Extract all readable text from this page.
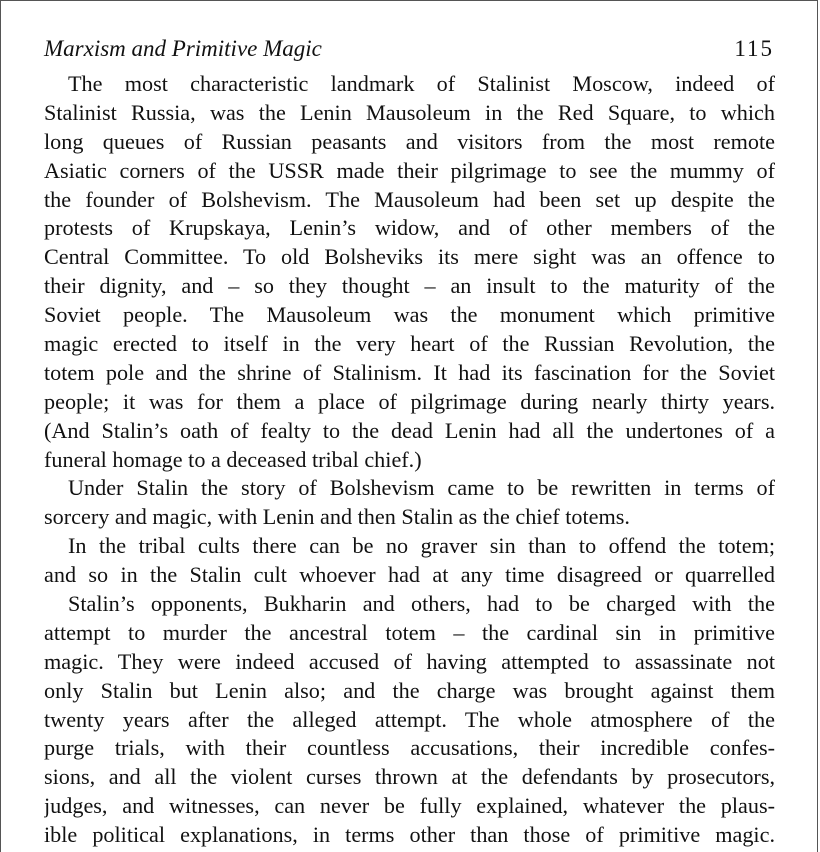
Marxism and Primitive Magic	115
The most characteristic landmark of Stalinist Moscow, indeed of
Stalinist Russia, was the Lenin Mausoleum in the Red Square, to which
long queues of Russian peasants and visitors from the most remote
Asiatic corners of the USSR made their pilgrimage to see the mummy of
the founder of Bolshevism. The Mausoleum had been set up despite the
protests of Krupskaya, Lenin’s widow, and of other members of the
Central Committee. To old Bolsheviks its mere sight was an offence to
their dignity, and – so they thought – an insult to the maturity of the
Soviet people. The Mausoleum was the monument which primitive
magic erected to itself in the very heart of the Russian Revolution, the
totem pole and the shrine of Stalinism. It had its fascination for the Soviet
people; it was for them a place of pilgrimage during nearly thirty years.
(And Stalin’s oath of fealty to the dead Lenin had all the undertones of a
funeral homage to a deceased tribal chief.)
Under Stalin the story of Bolshevism came to be rewritten in terms of
sorcery and magic, with Lenin and then Stalin as the chief totems.
In the tribal cults there can be no graver sin than to offend the totem;
and so in the Stalin cult whoever had at any time disagreed or quarrelled
Stalin’s opponents, Bukharin and others, had to be charged with the
attempt to murder the ancestral totem – the cardinal sin in primitive
magic. They were indeed accused of having attempted to assassinate not
only Stalin but Lenin also; and the charge was brought against them
twenty years after the alleged attempt. The whole atmosphere of the
purge trials, with their countless accusations, their incredible confes-
sions, and all the violent curses thrown at the defendants by prosecutors,
judges, and witnesses, can never be fully explained, whatever the plaus-
ible political explanations, in terms other than those of primitive magic.
